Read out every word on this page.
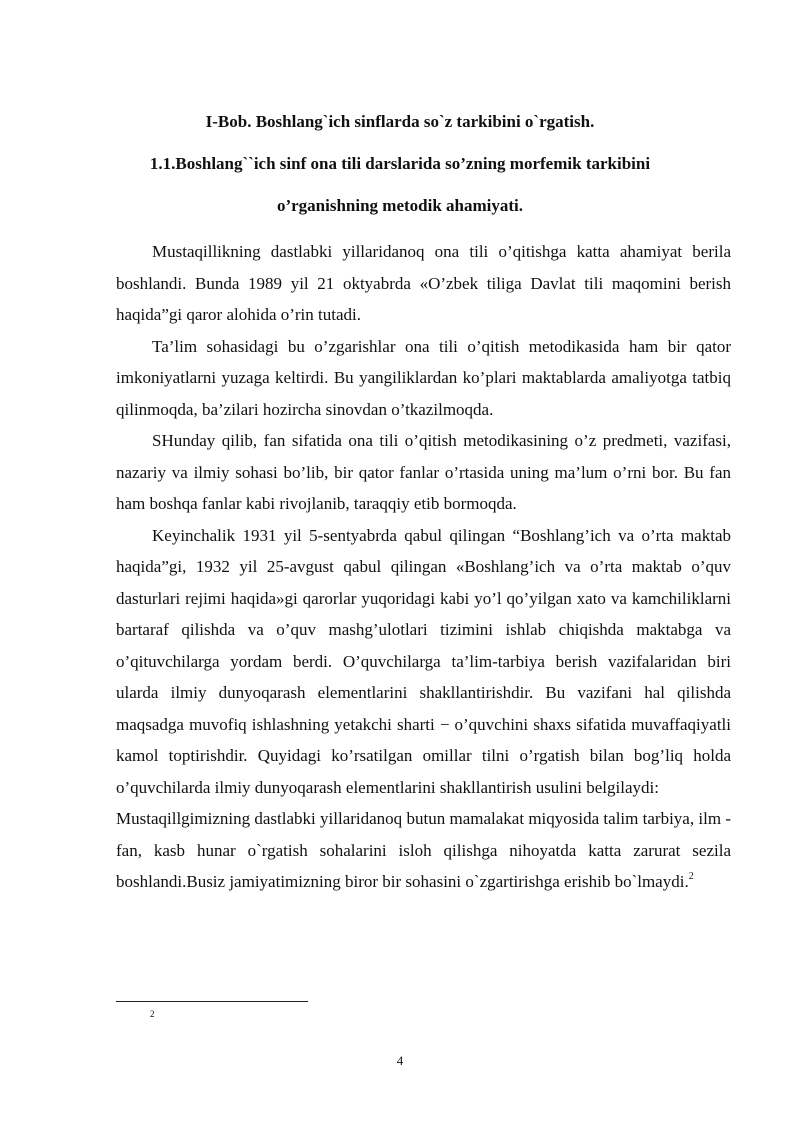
I-Bob. Boshlang`ich sinflarda so`z tarkibini o`rgatish.
1.1.Boshlang``ich sinf ona tili darslarida so’zning morfemik tarkibini
o’rganishning metodik ahamiyati.

Mustaqillikning dastlabki yillaridanoq ona tili o’qitishga katta ahamiyat berila boshlandi. Bunda 1989 yil 21 oktyabrda «O’zbek tiliga Davlat tili maqomini berish haqida”gi qaror alohida o’rin tutadi.

Ta’lim sohasidagi bu o’zgarishlar ona tili o’qitish metodikasida ham bir qator imkoniyatlarni yuzaga keltirdi. Bu yangiliklardan ko’plari maktablarda amaliyotga tatbiq qilinmoqda, ba’zilari hozircha sinovdan o’tkazilmoqda.

SHunday qilib, fan sifatida ona tili o’qitish metodikasining o’z predmeti, vazifasi, nazariy va ilmiy sohasi bo’lib, bir qator fanlar o’rtasida uning ma’lum o’rni bor. Bu fan ham boshqa fanlar kabi rivojlanib, taraqqiy etib bormoqda.

Keyinchalik 1931 yil 5-sentyabrda qabul qilingan “Boshlang’ich va o’rta maktab haqida”gi, 1932 yil 25-avgust qabul qilingan «Boshlang’ich va o’rta maktab o’quv dasturlari rejimi haqida»gi qarorlar yuqoridagi kabi yo’l qo’yilgan xato va kamchiliklarni bartaraf qilishda va o’quv mashg’ulotlari tizimini ishlab chiqishda maktabga va o’qituvchilarga yordam berdi. O’quvchilarga ta’lim-tarbiya berish vazifalaridan biri ularda ilmiy dunyoqarash elementlarini shakllantirishdir. Bu vazifani hal qilishda maqsadga muvofiq ishlashning yetakchi sharti − o’quvchini shaxs sifatida muvaffaqiyatli kamol toptirishdir. Quyidagi ko’rsatilgan omillar tilni o’rgatish bilan bog’liq holda o’quvchilarda ilmiy dunyoqarash elementlarini shakllantirish usulini belgilaydi:

Mustaqillgimizning dastlabki yillaridanoq butun mamalakat miqyosida talim tarbiya, ilm -fan, kasb hunar o`rgatish sohalarini isloh qilishga nihoyatda katta zarurat sezila boshlandi.Busiz jamiyatimizning biror bir sohasini o`zgartirishga erishib bo`lmaydi.$^2$

2
4
